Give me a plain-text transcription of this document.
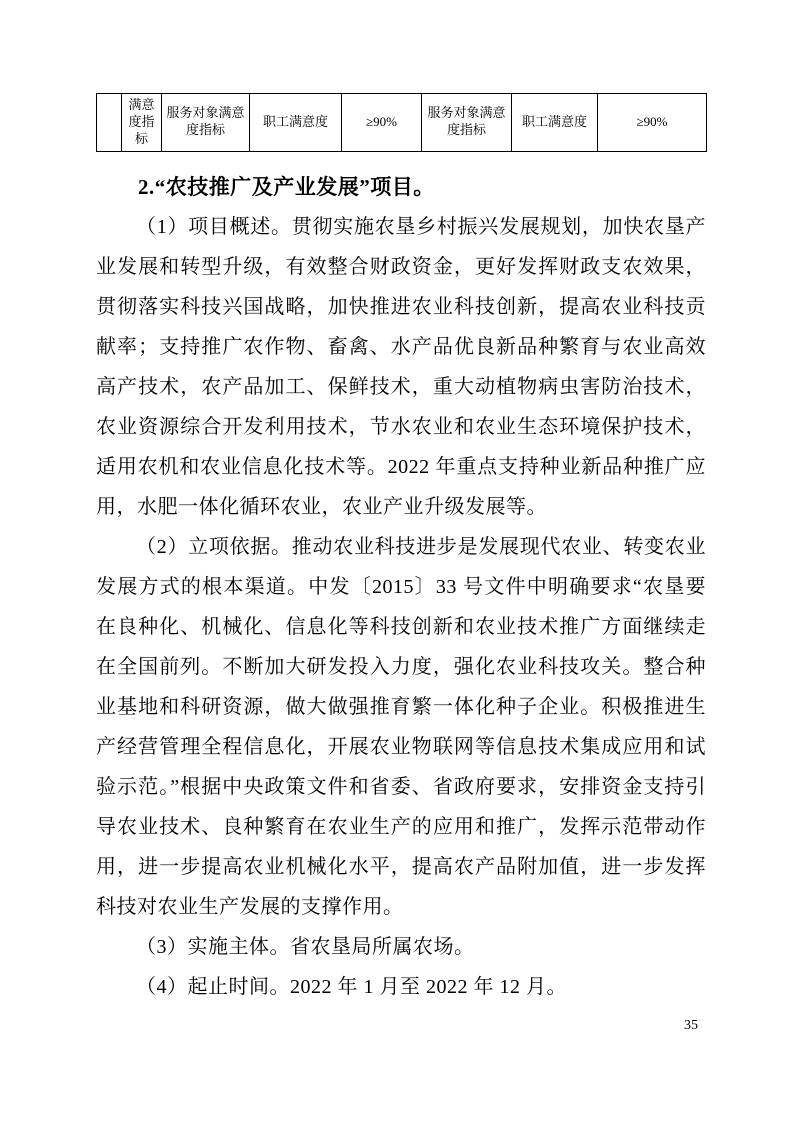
	满意度指标	服务对象满意度指标	职工满意度	≥90%	服务对象满意度指标	职工满意度	≥90%
2.“农技推广及产业发展”项目。

（1）项目概述。贯彻实施农垦乡村振兴发展规划，加快农垦产业发展和转型升级，有效整合财政资金，更好发挥财政支农效果，贯彻落实科技兴国战略，加快推进农业科技创新，提高农业科技贡献率；支持推广农作物、畜禽、水产品优良新品种繁育与农业高效高产技术，农产品加工、保鲜技术，重大动植物病虫害防治技术，农业资源综合开发利用技术，节水农业和农业生态环境保护技术，适用农机和农业信息化技术等。2022 年重点支持种业新品种推广应用，水肥一体化循环农业，农业产业升级发展等。

（2）立项依据。推动农业科技进步是发展现代农业、转变农业发展方式的根本渠道。中发〔2015〕33 号文件中明确要求“农垦要在良种化、机械化、信息化等科技创新和农业技术推广方面继续走在全国前列。不断加大研发投入力度，强化农业科技攻关。整合种业基地和科研资源，做大做强推育繁一体化种子企业。积极推进生产经营管理全程信息化，开展农业物联网等信息技术集成应用和试验示范。”根据中央政策文件和省委、省政府要求，安排资金支持引导农业技术、良种繁育在农业生产的应用和推广，发挥示范带动作用，进一步提高农业机械化水平，提高农产品附加值，进一步发挥科技对农业生产发展的支撑作用。

（3）实施主体。省农垦局所属农场。

（4）起止时间。2022 年 1 月至 2022 年 12 月。

35
